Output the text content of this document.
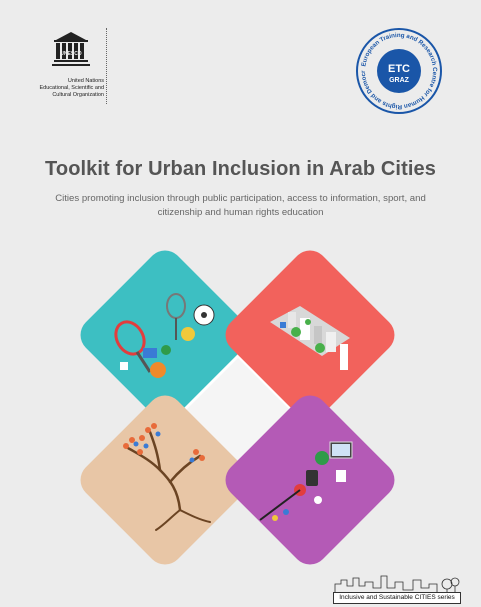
UNESCO
United Nations
Educational, Scientific and
Cultural Organization
European Training and Research Centre for Human Rights and Democr	ETC
GRAZ
Toolkit for Urban Inclusion in Arab Cities
Cities promoting inclusion through public participation, access to information, sport, and citizenship and human rights education
Inclusive and Sustainable CITIES series
